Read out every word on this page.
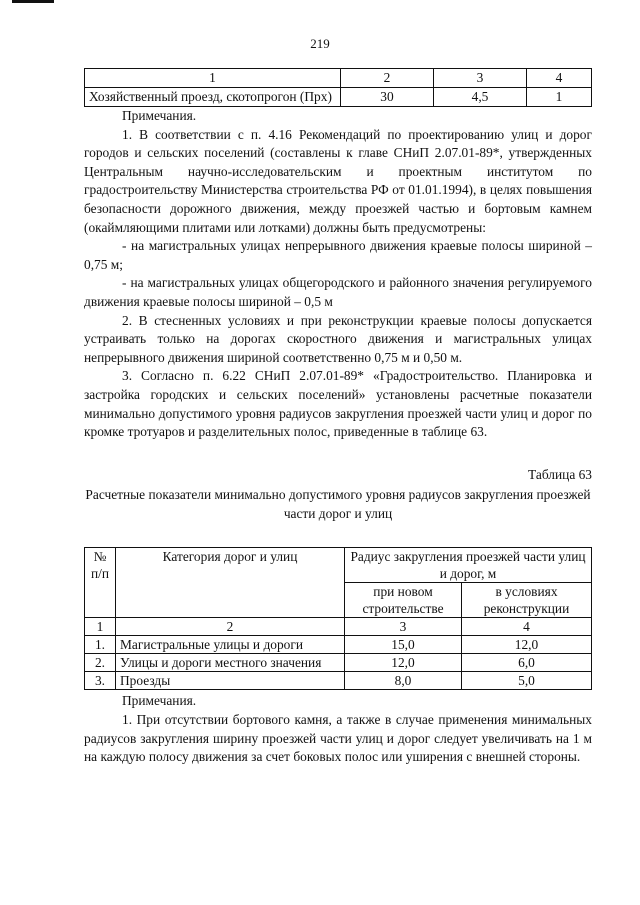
219
1	2	3	4
Хозяйственный проезд, скотопрогон (Прх)	30	4,5	1

Примечания.

1. В соответствии с п. 4.16 Рекомендаций по проектированию улиц и дорог городов и сельских поселений (составлены к главе СНиП 2.07.01-89*, утвержденных Центральным научно-исследовательским и проектным институтом по градостроительству Министерства строительства РФ от 01.01.1994), в целях повышения безопасности дорожного движения, между проезжей частью и бортовым камнем (окаймляющими плитами или лотками) должны быть предусмотрены:

- на магистральных улицах непрерывного движения краевые полосы шириной – 0,75 м;

- на магистральных улицах общегородского и районного значения регулируемого движения краевые полосы шириной – 0,5 м

2. В стесненных условиях и при реконструкции краевые полосы допускается устраивать только на дорогах скоростного движения и магистральных улицах непрерывного движения шириной соответственно 0,75 м и 0,50 м.

3. Согласно п. 6.22 СНиП 2.07.01-89* «Градостроительство. Планировка и застройка городских и сельских поселений» установлены расчетные показатели минимально допустимого уровня радиусов закругления проезжей части улиц и дорог по кромке тротуаров и разделительных полос, приведенные в таблице 63.

Таблица 63

Расчетные показатели минимально допустимого уровня радиусов закругления проезжей части дорог и улиц

№ п/п	Категория дорог и улиц	Радиус закругления проезжей части улиц и дорог, м	
		при новом строительстве	в условиях реконструкции
1	2	3	4
1.	Магистральные улицы и дороги	15,0	12,0
2.	Улицы и дороги местного значения	12,0	6,0
3.	Проезды	8,0	5,0

Примечания.

1. При отсутствии бортового камня, а также в случае применения минимальных радиусов закругления ширину проезжей части улиц и дорог следует увеличивать на 1 м на каждую полосу движения за счет боковых полос или уширения с внешней стороны.
